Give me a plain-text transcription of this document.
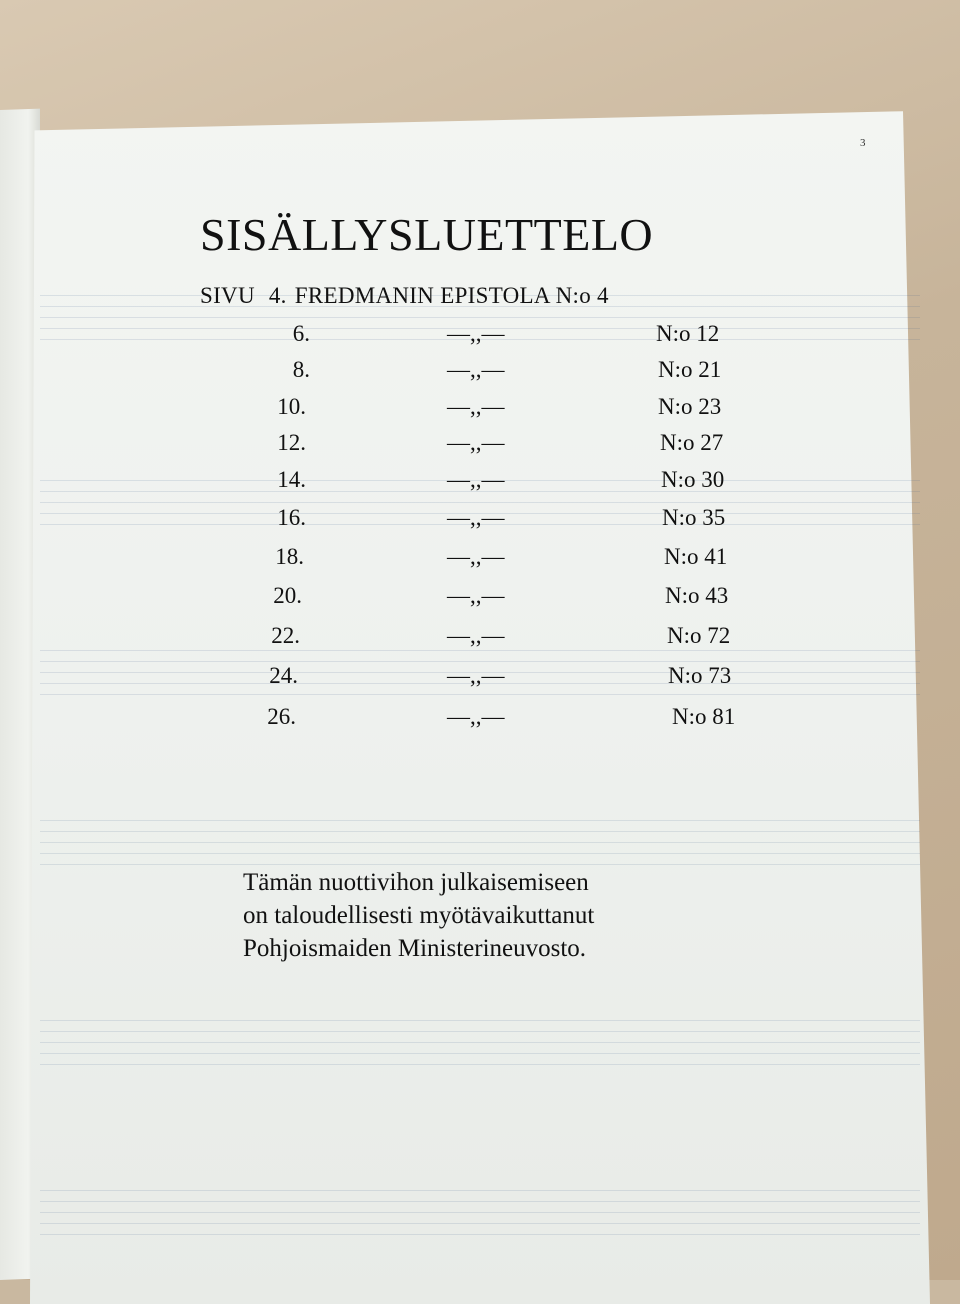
3
SISÄLLYSLUETTELO
SIVU 4. FREDMANIN EPISTOLA N:o 4
6.	—,,—	N:o 12
8.	—,,—	N:o 21
10.	—,,—	N:o 23
12.	—,,—	N:o 27
14.	—,,—	N:o 30
16.	—,,—	N:o 35
18.	—,,—	N:o 41
20.	—,,—	N:o 43
22.	—,,—	N:o 72
24.	—,,—	N:o 73
26.	—,,—	N:o 81

Tämän nuottivihon julkaisemiseen
on taloudellisesti myötävaikuttanut
Pohjoismaiden Ministerineuvosto.
